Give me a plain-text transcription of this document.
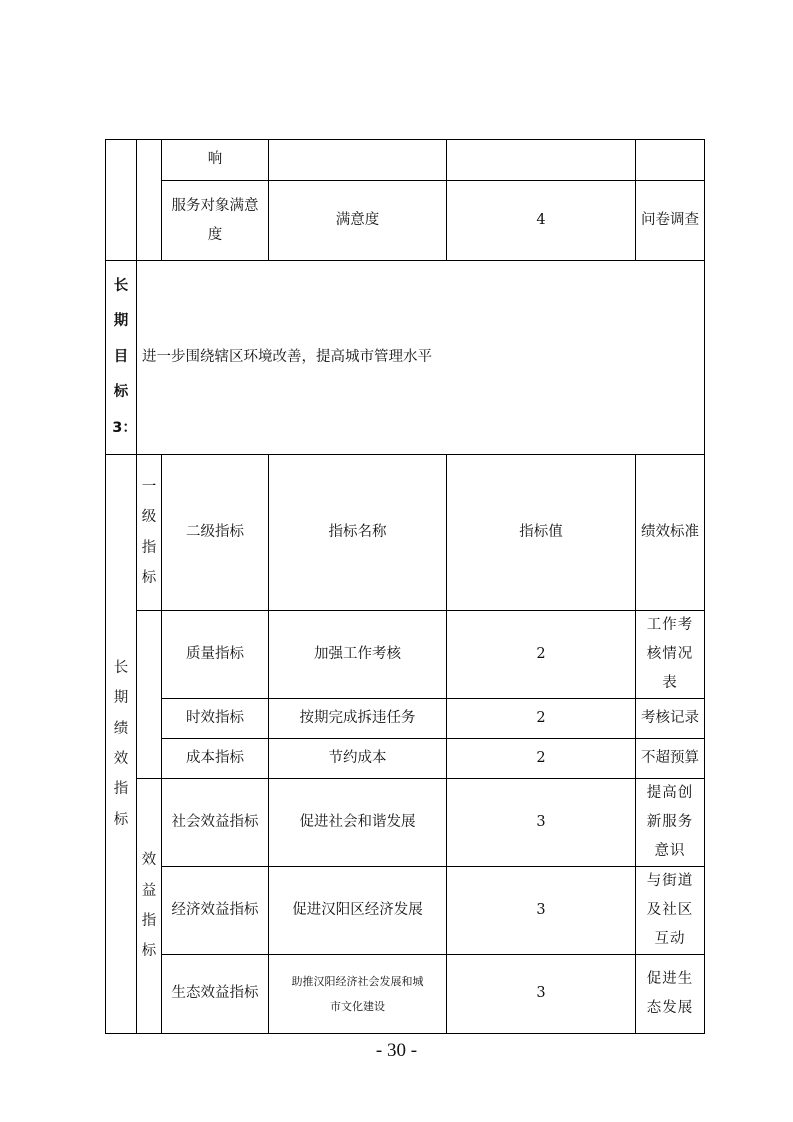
		响			
		服务对象满意度	满意度	4	问卷调查
长期目标3：	进一步围绕辖区环境改善，提高城市管理水平				
长期绩效指标	一级指标	二级指标	指标名称	指标值	绩效标准
		质量指标	加强工作考核	2	工作考核情况表
		时效指标	按期完成拆违任务	2	考核记录
		成本指标	节约成本	2	不超预算
	效益指标	社会效益指标	促进社会和谐发展	3	提高创新服务意识
		经济效益指标	促进汉阳区经济发展	3	与街道及社区互动
		生态效益指标	助推汉阳经济社会发展和城市文化建设	3	促进生态发展
- 30 -
